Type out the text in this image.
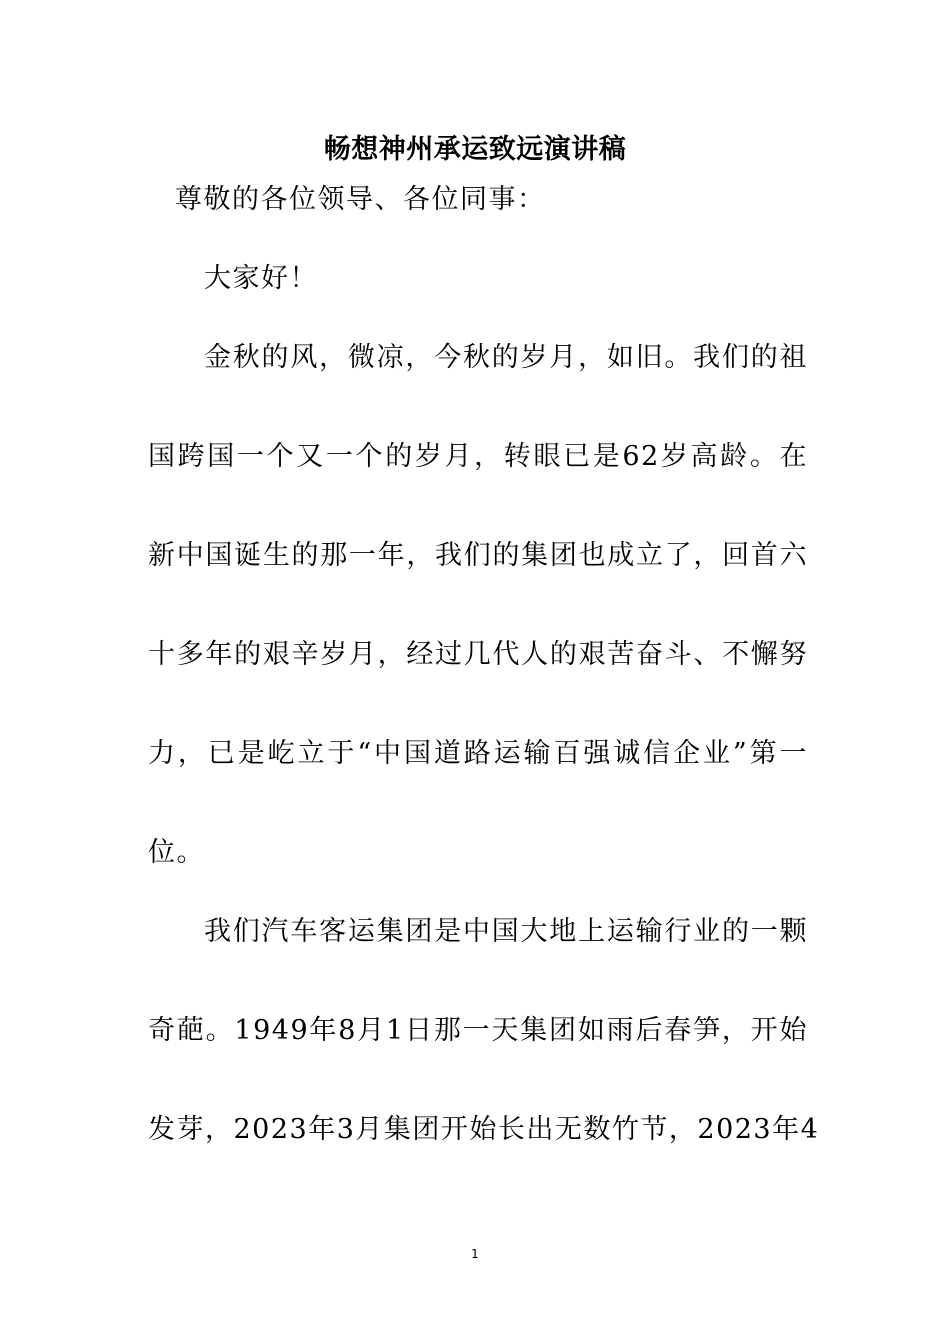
畅想神州承运致远演讲稿
尊敬的各位领导、各位同事：
大家好！
金秋的风，微凉，今秋的岁月，如旧。我们的祖
国跨国一个又一个的岁月，转眼已是62岁高龄。在
新中国诞生的那一年，我们的集团也成立了，回首六
十多年的艰辛岁月，经过几代人的艰苦奋斗、不懈努
力，已是屹立于“中国道路运输百强诚信企业”第一
位。
我们汽车客运集团是中国大地上运输行业的一颗
奇葩。1949年8月1日那一天集团如雨后春笋，开始
发芽，2023年3月集团开始长出无数竹节，2023年4
1
